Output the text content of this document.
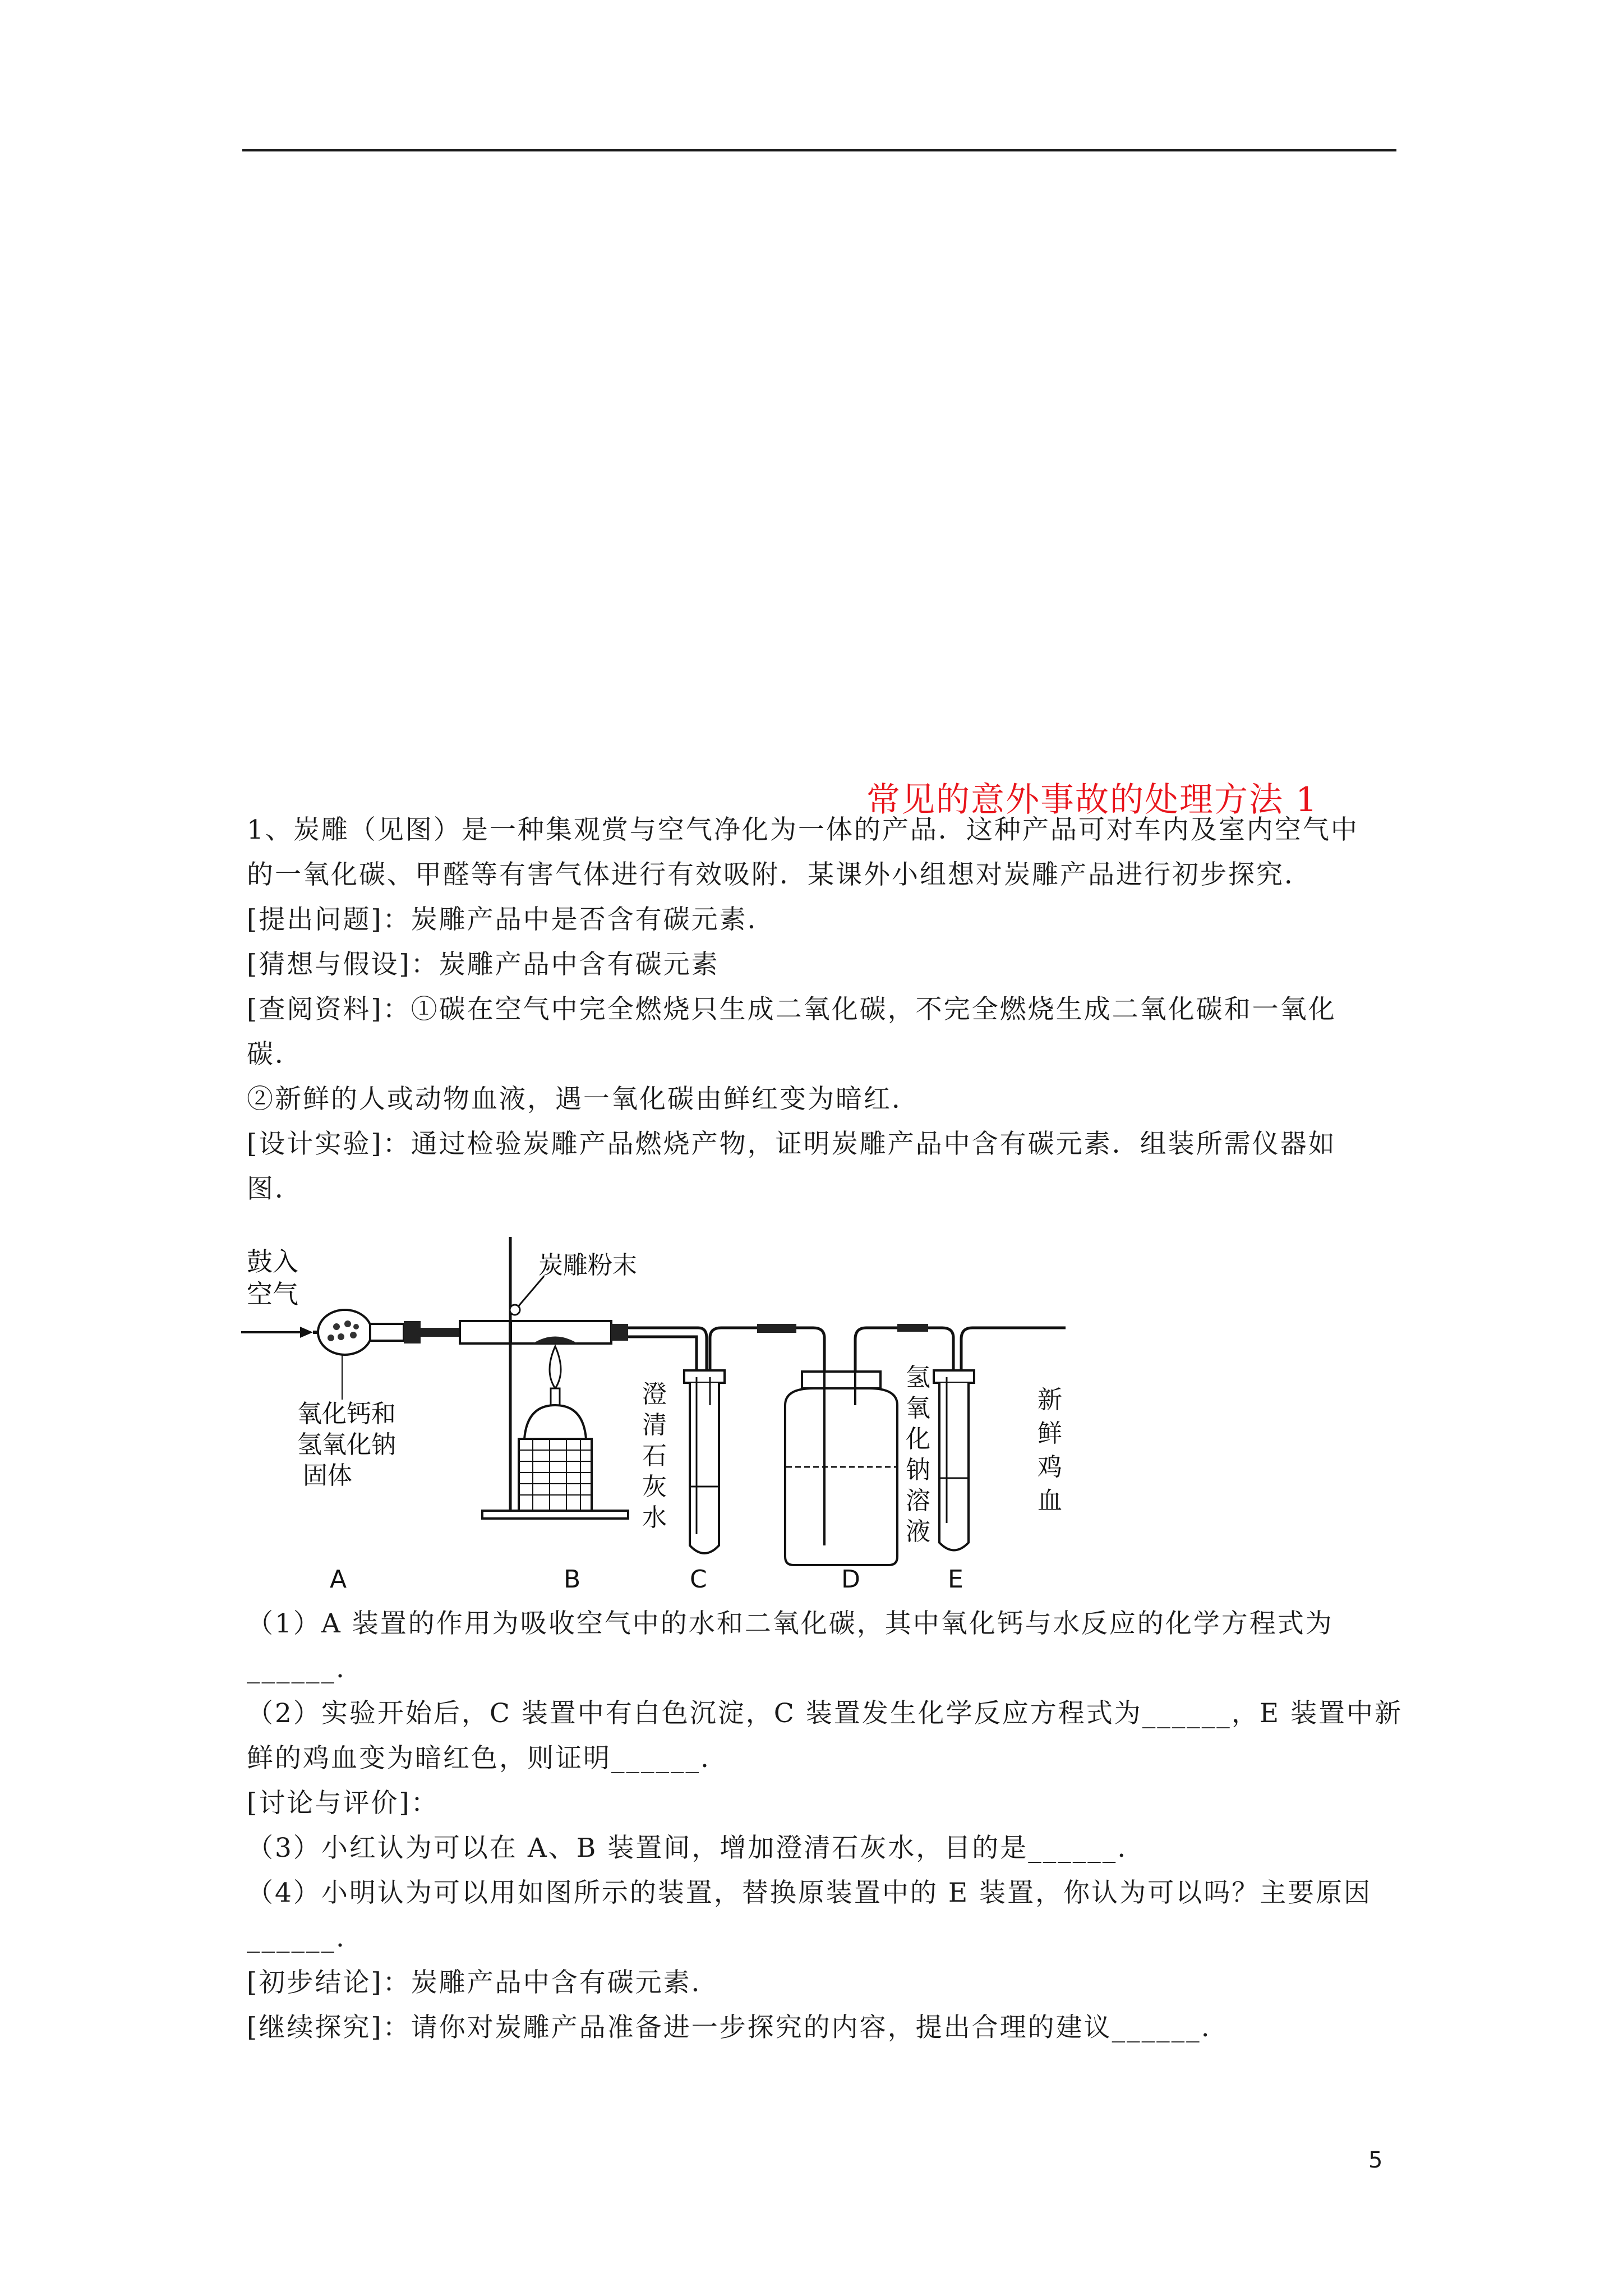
常见的意外事故的处理方法 1
1、炭雕（见图）是一种集观赏与空气净化为一体的产品．这种产品可对车内及室内空气中
的一氧化碳、甲醛等有害气体进行有效吸附．某课外小组想对炭雕产品进行初步探究．
[提出问题]：炭雕产品中是否含有碳元素．
[猜想与假设]：炭雕产品中含有碳元素
[查阅资料]：①碳在空气中完全燃烧只生成二氧化碳，不完全燃烧生成二氧化碳和一氧化
碳．
②新鲜的人或动物血液，遇一氧化碳由鲜红变为暗红．
[设计实验]：通过检验炭雕产品燃烧产物，证明炭雕产品中含有碳元素．组装所需仪器如
图．
鼓入
空气
炭雕粉末
澄
清
石
灰
水
氢
氧
化
钠
溶
液
新
鲜
鸡
血
氧化钙和
氢氧化钠
固体
A	B	C	D	E
（1）A 装置的作用为吸收空气中的水和二氧化碳，其中氧化钙与水反应的化学方程式为
______.
（2）实验开始后，C 装置中有白色沉淀，C 装置发生化学反应方程式为______，E 装置中新
鲜的鸡血变为暗红色，则证明______.
[讨论与评价]：
（3）小红认为可以在 A、B 装置间，增加澄清石灰水，目的是______.
（4）小明认为可以用如图所示的装置，替换原装置中的 E 装置，你认为可以吗？主要原因
______.
[初步结论]：炭雕产品中含有碳元素．
[继续探究]：请你对炭雕产品准备进一步探究的内容，提出合理的建议______.
5
